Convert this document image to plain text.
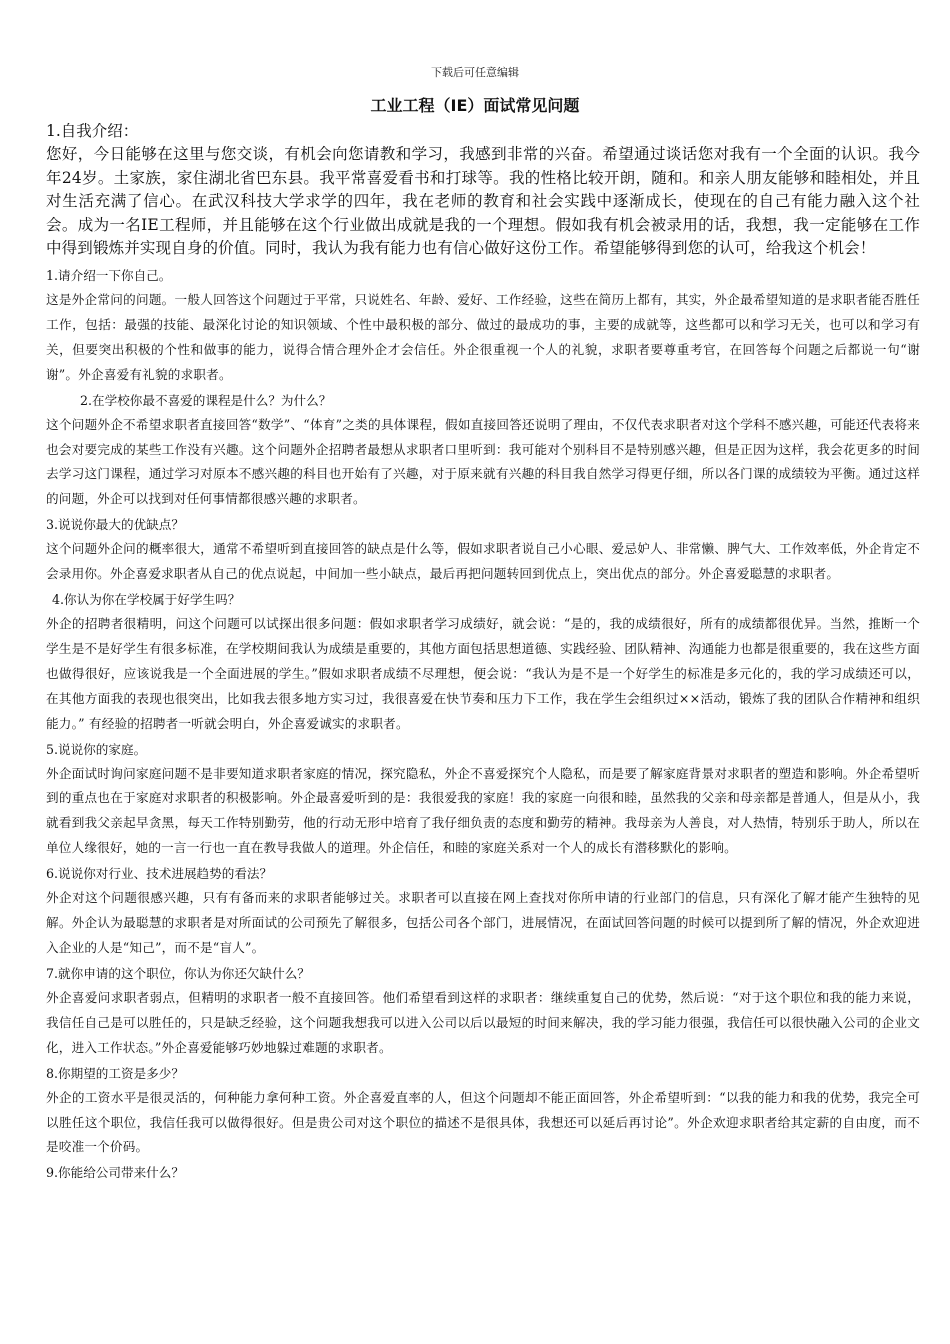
下载后可任意编辑
工业工程（IE）面试常见问题

1.自我介绍：

您好，今日能够在这里与您交谈，有机会向您请教和学习，我感到非常的兴奋。希望通过谈话您对我有一个全面的认识。我今年24岁。土家族，家住湖北省巴东县。我平常喜爱看书和打球等。我的性格比较开朗，随和。和亲人朋友能够和睦相处，并且对生活充满了信心。在武汉科技大学求学的四年，我在老师的教育和社会实践中逐渐成长，使现在的自己有能力融入这个社会。成为一名IE工程师，并且能够在这个行业做出成就是我的一个理想。假如我有机会被录用的话，我想，我一定能够在工作中得到锻炼并实现自身的价值。同时，我认为我有能力也有信心做好这份工作。希望能够得到您的认可，给我这个机会！

1.请介绍一下你自己。

这是外企常问的问题。一般人回答这个问题过于平常，只说姓名、年龄、爱好、工作经验，这些在简历上都有，其实，外企最希望知道的是求职者能否胜任工作，包括：最强的技能、最深化讨论的知识领域、个性中最积极的部分、做过的最成功的事，主要的成就等，这些都可以和学习无关，也可以和学习有关，但要突出积极的个性和做事的能力，说得合情合理外企才会信任。外企很重视一个人的礼貌，求职者要尊重考官，在回答每个问题之后都说一句“谢谢”。外企喜爱有礼貌的求职者。

2.在学校你最不喜爱的课程是什么？为什么？

这个问题外企不希望求职者直接回答“数学”、“体育”之类的具体课程，假如直接回答还说明了理由，不仅代表求职者对这个学科不感兴趣，可能还代表将来也会对要完成的某些工作没有兴趣。这个问题外企招聘者最想从求职者口里听到：我可能对个别科目不是特别感兴趣，但是正因为这样，我会花更多的时间去学习这门课程，通过学习对原本不感兴趣的科目也开始有了兴趣，对于原来就有兴趣的科目我自然学习得更仔细，所以各门课的成绩较为平衡。通过这样的问题，外企可以找到对任何事情都很感兴趣的求职者。

3.说说你最大的优缺点？

这个问题外企问的概率很大，通常不希望听到直接回答的缺点是什么等，假如求职者说自己小心眼、爱忌妒人、非常懒、脾气大、工作效率低，外企肯定不会录用你。外企喜爱求职者从自己的优点说起，中间加一些小缺点，最后再把问题转回到优点上，突出优点的部分。外企喜爱聪慧的求职者。

4.你认为你在学校属于好学生吗？

外企的招聘者很精明，问这个问题可以试探出很多问题：假如求职者学习成绩好，就会说：“是的，我的成绩很好，所有的成绩都很优异。当然，推断一个学生是不是好学生有很多标准，在学校期间我认为成绩是重要的，其他方面包括思想道德、实践经验、团队精神、沟通能力也都是很重要的，我在这些方面也做得很好，应该说我是一个全面进展的学生。”假如求职者成绩不尽理想，便会说：“我认为是不是一个好学生的标准是多元化的，我的学习成绩还可以，在其他方面我的表现也很突出，比如我去很多地方实习过，我很喜爱在快节奏和压力下工作，我在学生会组织过××活动，锻炼了我的团队合作精神和组织能力。” 有经验的招聘者一听就会明白，外企喜爱诚实的求职者。

5.说说你的家庭。

外企面试时询问家庭问题不是非要知道求职者家庭的情况，探究隐私，外企不喜爱探究个人隐私，而是要了解家庭背景对求职者的塑造和影响。外企希望听到的重点也在于家庭对求职者的积极影响。外企最喜爱听到的是：我很爱我的家庭！我的家庭一向很和睦，虽然我的父亲和母亲都是普通人，但是从小，我就看到我父亲起早贪黑，每天工作特别勤劳，他的行动无形中培育了我仔细负责的态度和勤劳的精神。我母亲为人善良，对人热情，特别乐于助人，所以在单位人缘很好，她的一言一行也一直在教导我做人的道理。外企信任，和睦的家庭关系对一个人的成长有潜移默化的影响。

6.说说你对行业、技术进展趋势的看法？

外企对这个问题很感兴趣，只有有备而来的求职者能够过关。求职者可以直接在网上查找对你所申请的行业部门的信息，只有深化了解才能产生独特的见解。外企认为最聪慧的求职者是对所面试的公司预先了解很多，包括公司各个部门，进展情况，在面试回答问题的时候可以提到所了解的情况，外企欢迎进入企业的人是“知己”，而不是“盲人”。

7.就你申请的这个职位，你认为你还欠缺什么？

外企喜爱问求职者弱点，但精明的求职者一般不直接回答。他们希望看到这样的求职者：继续重复自己的优势，然后说：“对于这个职位和我的能力来说，我信任自己是可以胜任的，只是缺乏经验，这个问题我想我可以进入公司以后以最短的时间来解决，我的学习能力很强，我信任可以很快融入公司的企业文化，进入工作状态。”外企喜爱能够巧妙地躲过难题的求职者。

8.你期望的工资是多少？

外企的工资水平是很灵活的，何种能力拿何种工资。外企喜爱直率的人，但这个问题却不能正面回答，外企希望听到：“以我的能力和我的优势，我完全可以胜任这个职位，我信任我可以做得很好。但是贵公司对这个职位的描述不是很具体，我想还可以延后再讨论”。外企欢迎求职者给其定薪的自由度，而不是咬准一个价码。

9.你能给公司带来什么？
